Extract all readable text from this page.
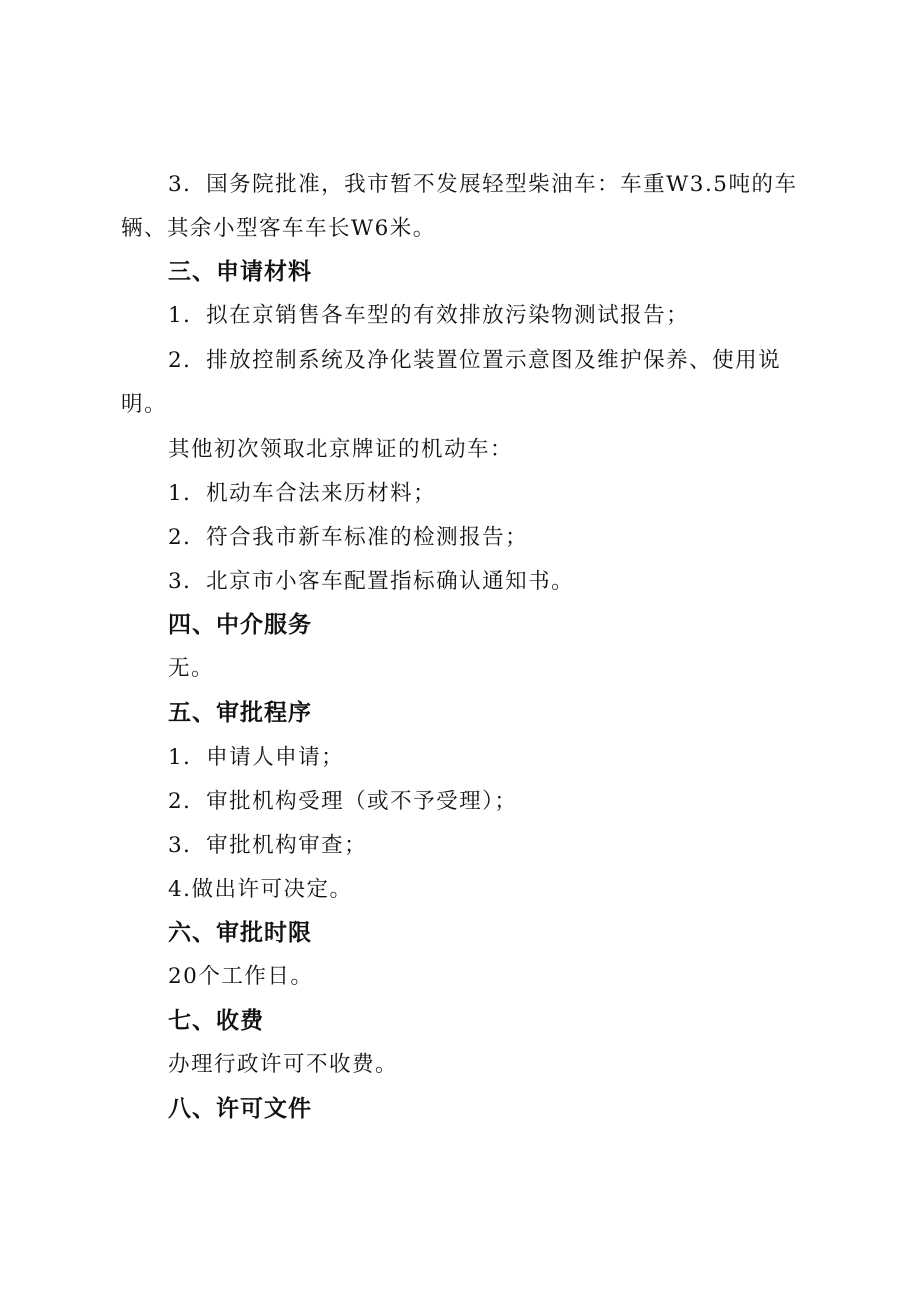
3．国务院批准，我市暂不发展轻型柴油车：车重W3.5吨的车
辆、其余小型客车车长W6米。
三、申请材料
1．拟在京销售各车型的有效排放污染物测试报告；
2．排放控制系统及净化装置位置示意图及维护保养、使用说
明。
其他初次领取北京牌证的机动车：
1．机动车合法来历材料；
2．符合我市新车标准的检测报告；
3．北京市小客车配置指标确认通知书。
四、中介服务
无。
五、审批程序
1．申请人申请；
2．审批机构受理（或不予受理）；
3．审批机构审查；
4.做出许可决定。
六、审批时限
20个工作日。
七、收费
办理行政许可不收费。
八、许可文件
